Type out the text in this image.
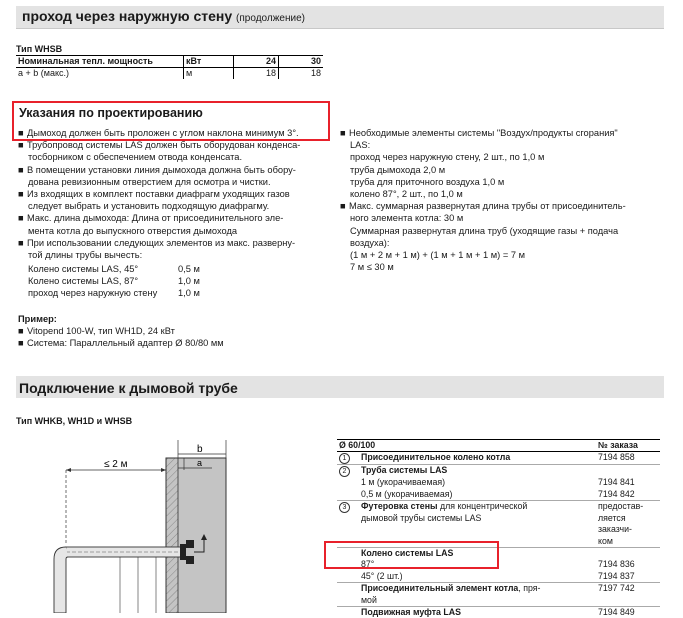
проход через наружную стену (продолжение)
Тип WHSB
Номинальная тепл. мощность	кВт	24	30
a + b (макс.)	м	18	18
Указания по проектированию

■ Дымоход должен быть проложен с углом наклона минимум 3°.

■ Трубопровод системы LAS должен быть оборудован конденса-

тосборником с обеспечением отвода конденсата.

■ В помещении установки линия дымохода должна быть обору-

дована ревизионным отверстием для осмотра и чистки.

■ Из входящих в комплект поставки диафрагм уходящих газов

следует выбрать и установить подходящую диафрагму.

■ Макс. длина дымохода: Длина от присоединительного эле-

мента котла до выпускного отверстия дымохода

■ При использовании следующих элементов из макс. разверну-

той длины трубы вычесть:

Колено системы LAS, 45°	0,5 м
Колено системы LAS, 87°	1,0 м
проход через наружную стену 1,0 м

Пример:

■ Vitopend 100-W, тип WH1D, 24 кВт

■ Система: Параллельный адаптер Ø 80/80 мм

■ Необходимые элементы системы "Воздух/продукты сгорания"

LAS:

проход через наружную стену, 2 шт., по 1,0 м

труба дымохода 2,0 м

труба для приточного воздуха 1,0 м

колено 87°, 2 шт., по 1,0 м

■ Макс. суммарная развернутая длина трубы от присоединитель-

ного элемента котла: 30 м

Суммарная развернутая длина труб (уходящие газы + подача

воздуха):

(1 м + 2 м + 1 м) + (1 м + 1 м + 1 м) = 7 м

7 м ≤ 30 м

Подключение к дымовой трубе
Тип WHKB, WH1D и WHSB
≤ 2 м
b
a
Ø 60/100		№ заказа
1	Присоединительное колено котла	7194 858
2	Труба системы LAS	
	1 м (укорачиваемая)	7194 841
	0,5 м (укорачиваемая)	7194 842
3	Футеровка стены для концентрической	предостав-
	дымовой трубы системы LAS	ляется заказчи-
		ком
	Колено системы LAS	
	87°	7194 836
	45° (2 шт.)	7194 837
	Присоединительный элемент котла, пря-	7197 742
	мой	
	Подвижная муфта LAS	7194 849
